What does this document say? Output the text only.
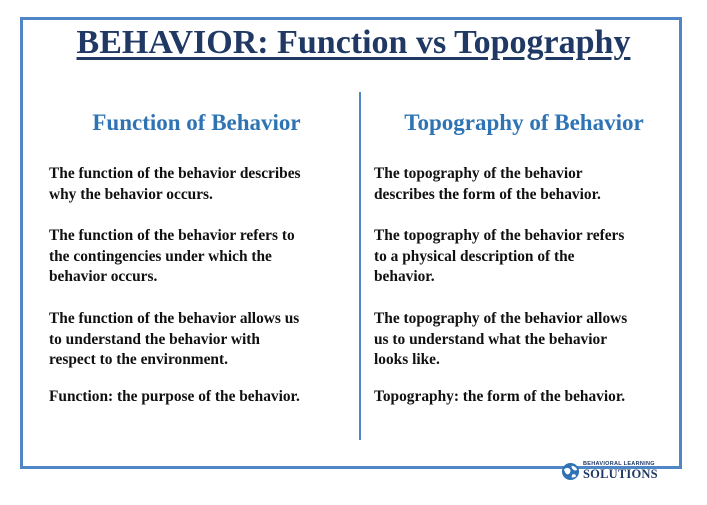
BEHAVIOR: Function vs Topography
Function of Behavior

The function of the behavior describes
why the behavior occurs.

The function of the behavior refers to
the contingencies under which the
behavior occurs.

The function of the behavior allows us
to understand the behavior with
respect to the environment.

Function: the purpose of the behavior.

Topography of Behavior

The topography of the behavior
describes the form of the behavior.

The topography of the behavior refers
to a physical description of the
behavior.

The topography of the behavior allows
us to understand what the behavior
looks like.

Topography: the form of the behavior.

BEHAVIORAL LEARNING
SOLUTIONS
